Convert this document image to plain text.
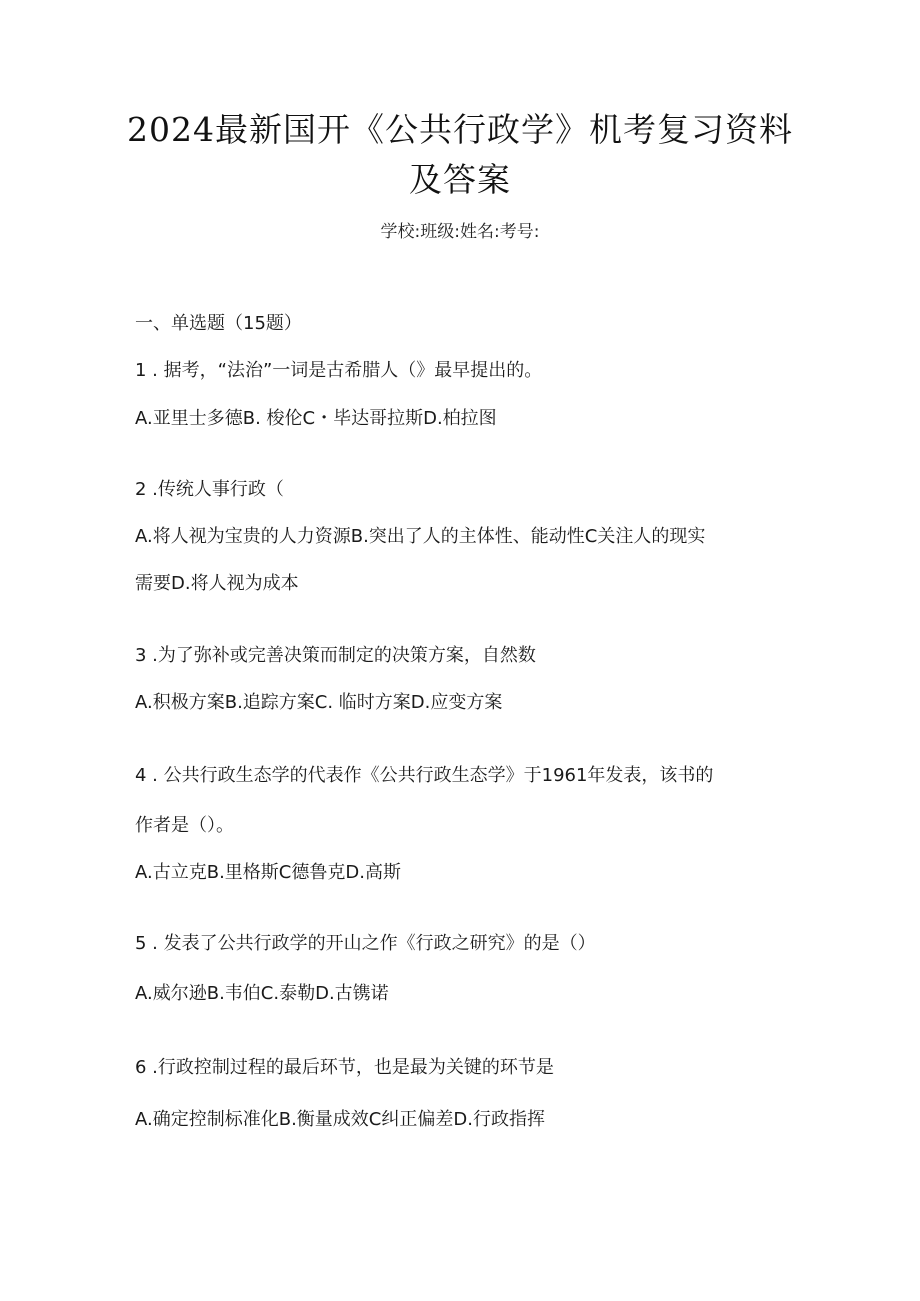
2024最新国开《公共行政学》机考复习资料
及答案
学校:班级:姓名:考号:
一、单选题（15题）
1 . 据考，“法治”一词是古希腊人（》最早提出的。
A.亚里士多德B. 梭伦C・毕达哥拉斯D.柏拉图
2 .传统人事行政（
A.将人视为宝贵的人力资源B.突出了人的主体性、能动性C关注人的现实
需要D.将人视为成本
3 .为了弥补或完善决策而制定的决策方案，自然数
A.积极方案B.追踪方案C. 临时方案D.应变方案
4 . 公共行政生态学的代表作《公共行政生态学》于1961年发表，该书的
作者是（）。
A.古立克B.里格斯C德鲁克D.高斯
5 . 发表了公共行政学的开山之作《行政之研究》的是（）
A.威尔逊B.韦伯C.泰勒D.古镌诺
6 .行政控制过程的最后环节，也是最为关键的环节是
A.确定控制标准化B.衡量成效C纠正偏差D.行政指挥
